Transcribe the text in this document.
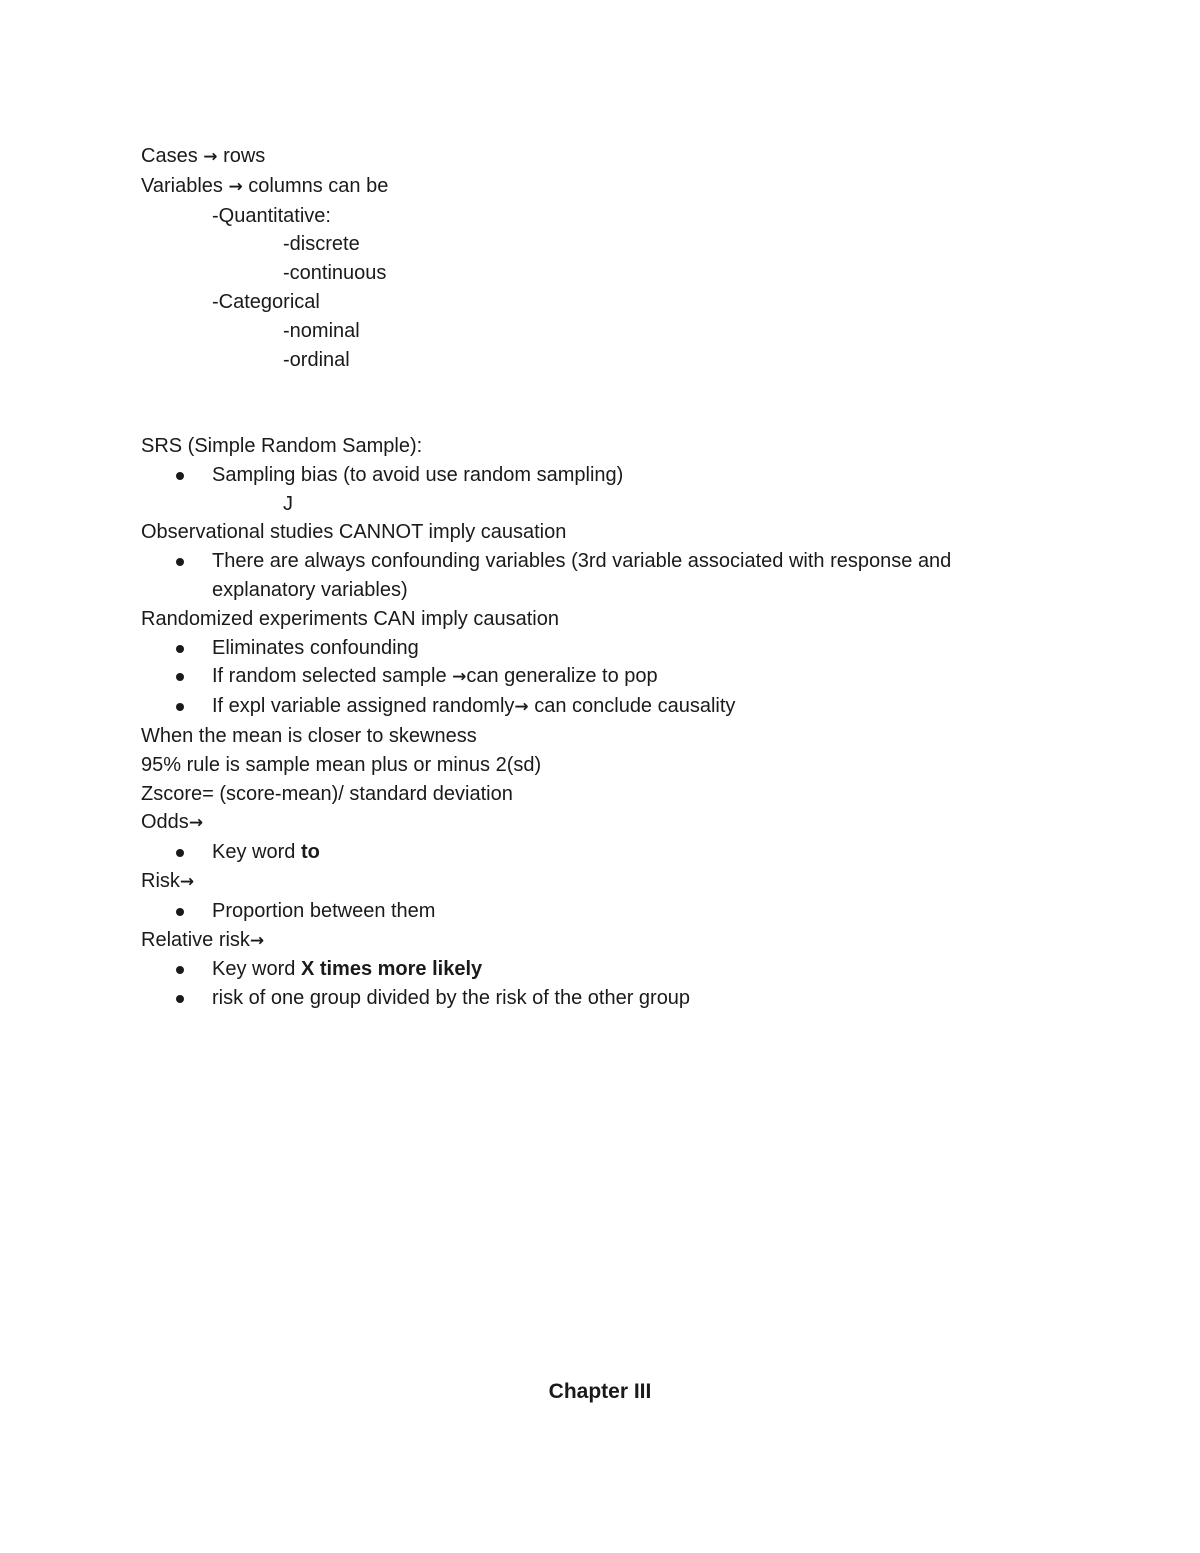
Cases → rows
Variables → columns can be
-Quantitative:
-discrete
-continuous
-Categorical
-nominal
-ordinal
SRS (Simple Random Sample):
Sampling bias (to avoid use random sampling)
J
Observational studies CANNOT imply causation
There are always confounding variables (3rd variable associated with response and
explanatory variables)
Randomized experiments CAN imply causation
Eliminates confounding
If random selected sample →can generalize to pop
If expl variable assigned randomly→ can conclude causality
When the mean is closer to skewness
95% rule is sample mean plus or minus 2(sd)
Zscore= (score-mean)/ standard deviation
Odds→
Key word to
Risk→
Proportion between them
Relative risk→
Key word X times more likely
risk of one group divided by the risk of the other group
Chapter III
